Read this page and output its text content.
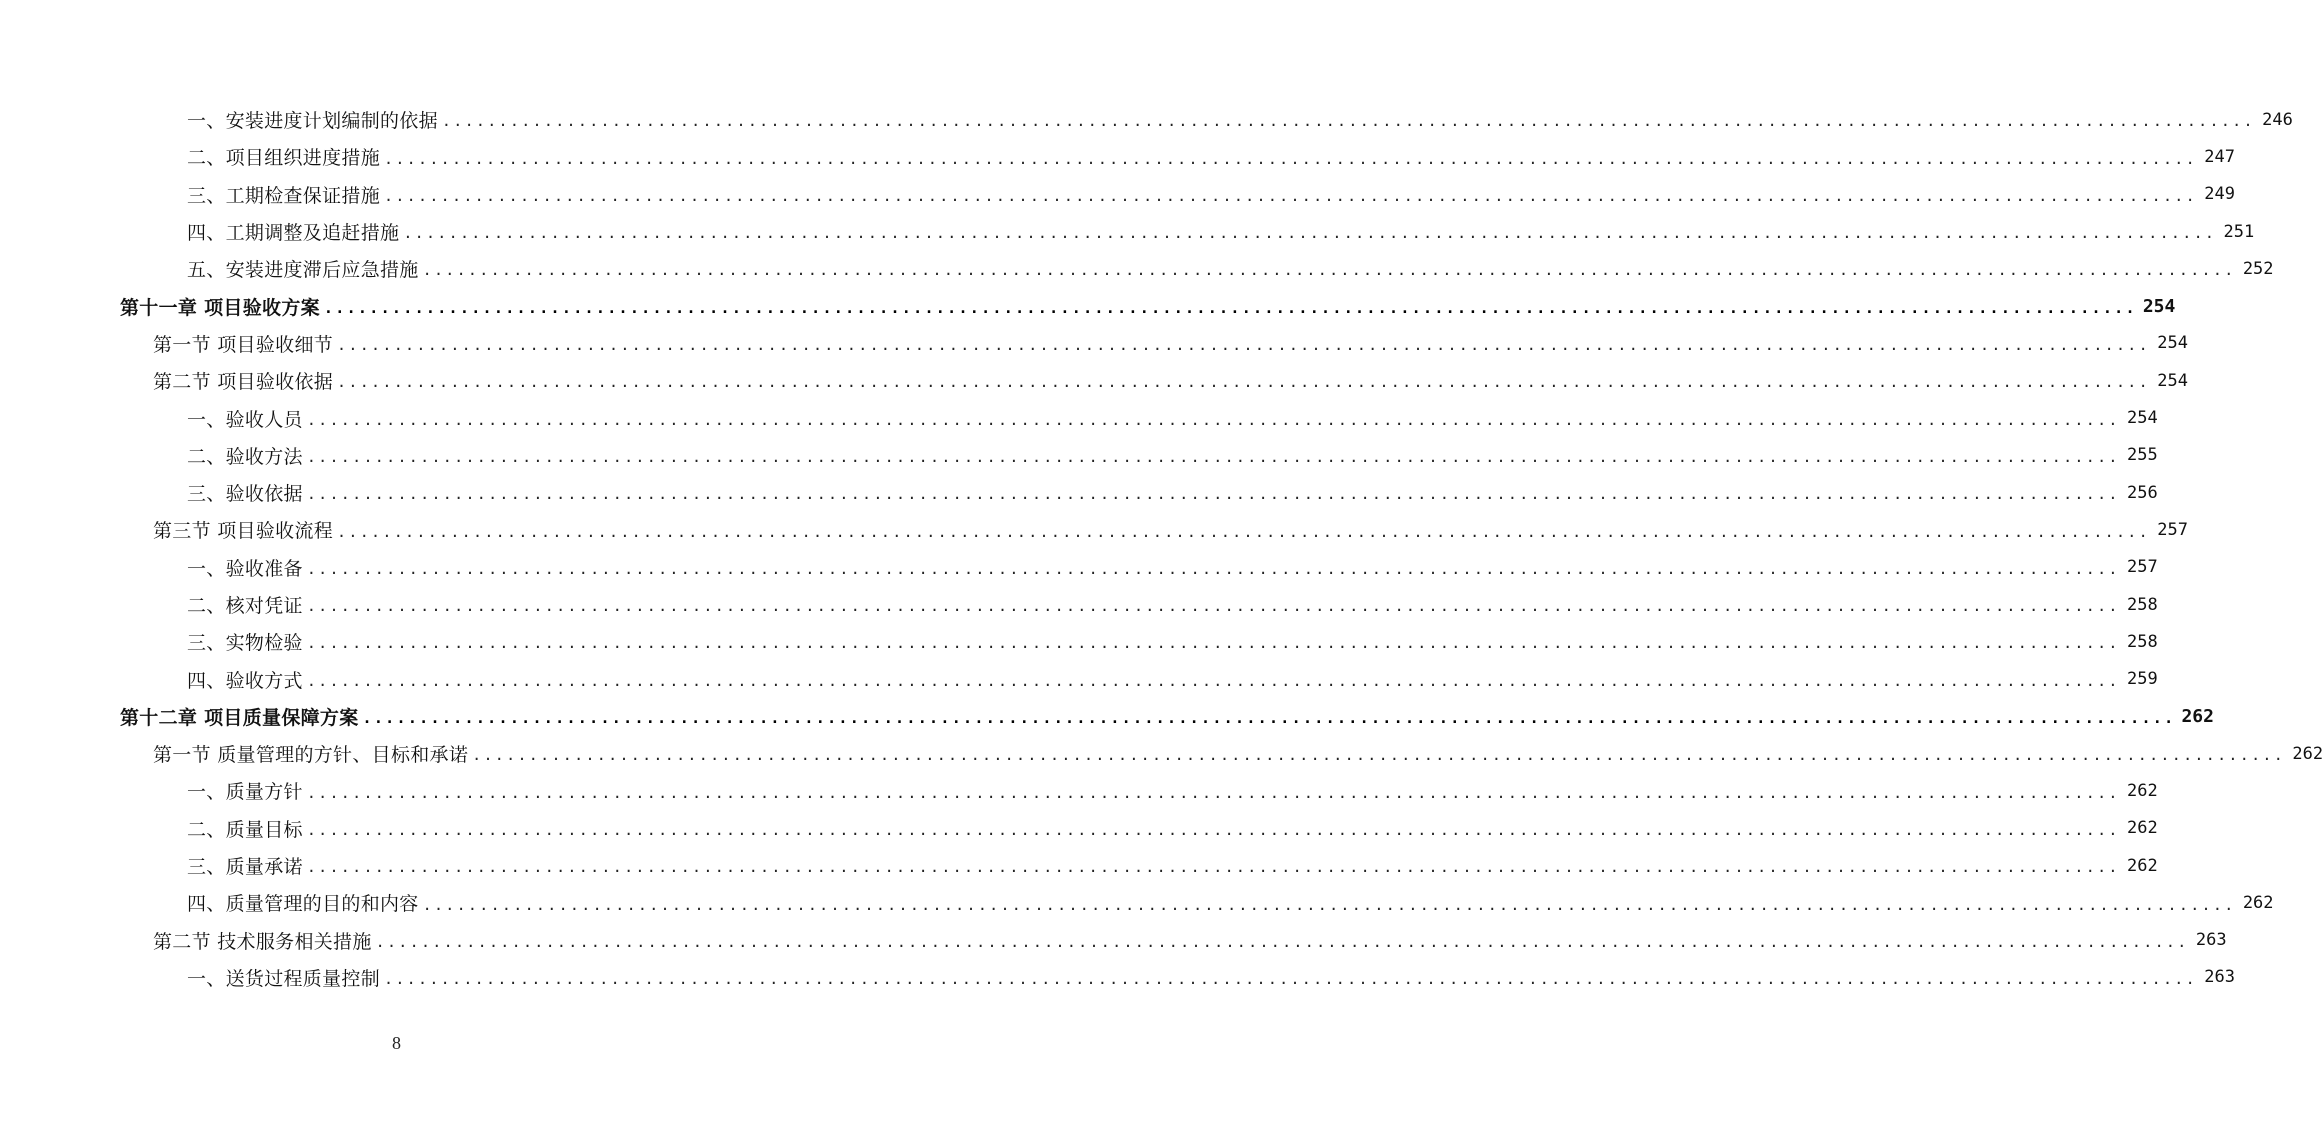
一、安装进度计划编制的依据 ................................................................................................................................................................ 246
二、项目组织进度措施 ................................................................................................................................................................ 247
三、工期检查保证措施 ................................................................................................................................................................ 249
四、工期调整及追赶措施 ................................................................................................................................................................ 251
五、安装进度滞后应急措施 ................................................................................................................................................................ 252
第十一章 项目验收方案 ................................................................................................................................................................ 254
第一节 项目验收细节 ................................................................................................................................................................ 254
第二节 项目验收依据 ................................................................................................................................................................ 254
一、验收人员 ................................................................................................................................................................ 254
二、验收方法 ................................................................................................................................................................ 255
三、验收依据 ................................................................................................................................................................ 256
第三节 项目验收流程 ................................................................................................................................................................ 257
一、验收准备 ................................................................................................................................................................ 257
二、核对凭证 ................................................................................................................................................................ 258
三、实物检验 ................................................................................................................................................................ 258
四、验收方式 ................................................................................................................................................................ 259
第十二章 项目质量保障方案 ................................................................................................................................................................ 262
第一节 质量管理的方针、目标和承诺 ................................................................................................................................................................ 262
一、质量方针 ................................................................................................................................................................ 262
二、质量目标 ................................................................................................................................................................ 262
三、质量承诺 ................................................................................................................................................................ 262
四、质量管理的目的和内容 ................................................................................................................................................................ 262
第二节 技术服务相关措施 ................................................................................................................................................................ 263
一、送货过程质量控制 ................................................................................................................................................................ 263
8
